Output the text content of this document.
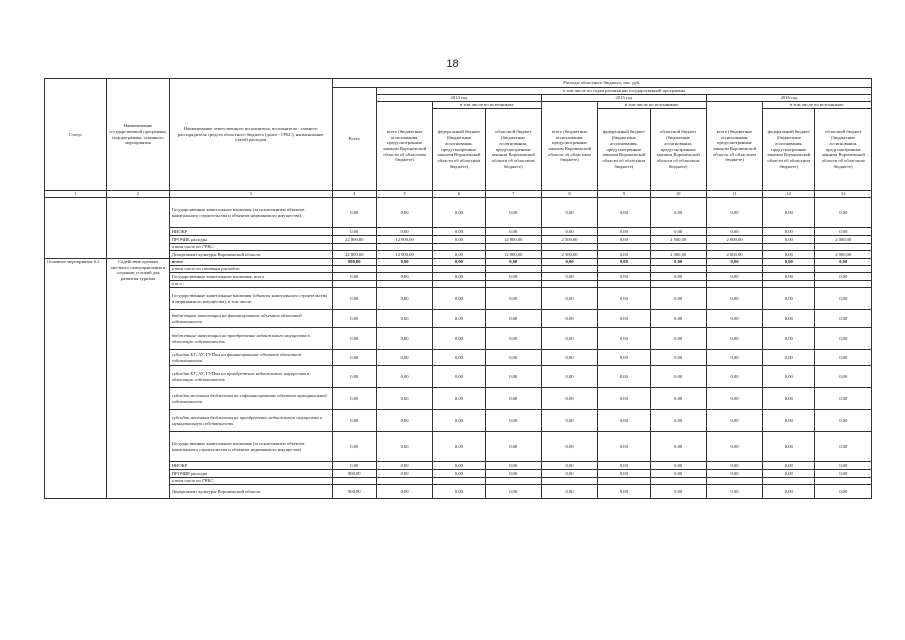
18
Статус	Наименование государственной программы, подпрограммы, основного мероприятия	Наименование ответственного исполнителя, исполнителя - главного распорядителя средств областного бюджета (далее - ГРБС), наименование статей расходов	Расходы областного бюджета, тыс. руб.									
			Всего	в том числе по годам реализации государственной программы								
				2014 год			2015 год			2016 год		
				всего (бюджетные ассигнования, предусмотренные законом Воронежской области об областном бюджете)	в том числе по источникам:		всего (бюджетные ассигнования, предусмотренные законом Воронежской области об областном бюджете)	в том числе по источникам:		всего (бюджетные ассигнования, предусмотренные законом Воронежской области об областном бюджете)	в том числе по источникам:	
					федеральный бюджет (бюджетные ассигнования, предусмотренные законом Воронежской области об областном бюджете)	областной бюджет (бюджетные ассигнования, предусмотренные законом Воронежской области об областном бюджете)		федеральный бюджет (бюджетные ассигнования, предусмотренные законом Воронежской области об областном бюджете)	областной бюджет (бюджетные ассигнования, предусмотренные законом Воронежской области об областном бюджете)		федеральный бюджет (бюджетные ассигнования, предусмотренные законом Воронежской области об областном бюджете)	областной бюджет (бюджетные ассигнования, предусмотренные законом Воронежской области об областном бюджете)
1	2	3	4	5	6	7	8	9	10	11	12	13
		Государственные капитальные вложения (за исключением объектов капитального строительства и объектов недвижимого имущества)	0,00	0,00	0,00	0,00	0,00	0,00	0,00	0,00	0,00	0,00
		НИОКР	0,00	0,00	0,00	0,00	0,00	0,00	0,00	0,00	0,00	0,00
		ПРОЧИЕ расходы	22 800,00	12 900,00	0,00	12 900,00	2 500,00	0,00	2 500,00	2 000,00	0,00	2 000,00
		в том числе по ГРБС:										
		Департамент культуры Воронежской области	22 800,00	12 900,00	0,00	12 900,00	2 500,00	0,00	2 500,00	2 000,00	0,00	2 000,00
Основное мероприятие 6.2	Содействие органам местного самоуправления в создании условий для развития туризма	всего	900,00	0,00	0,00	0,00	0,00	0,00	0,00	0,00	0,00	0,00
		в том числе по статьям расходов:										
		Государственные капитальные вложения, всего	0,00	0,00	0,00	0,00	0,00	0,00	0,00	0,00	0,00	0,00
		в т.ч.:										
		Государственные капитальные вложения (объекты капитального строительства и недвижимого имущества), в том числе:	0,00	0,00	0,00	0,00	0,00	0,00	0,00	0,00	0,00	0,00
		бюджетные инвестиции на финансирование объектов областной собственности	0,00	0,00	0,00	0,00	0,00	0,00	0,00	0,00	0,00	0,00
		бюджетные инвестиции на приобретение недвижимого имущества в областную собственность	0,00	0,00	0,00	0,00	0,00	0,00	0,00	0,00	0,00	0,00
		субсидии БУ, АУ, ГУПам на финансирование объектов областной собственности	0,00	0,00	0,00	0,00	0,00	0,00	0,00	0,00	0,00	0,00
		субсидии БУ, АУ, ГУПам на приобретение недвижимого имущества в областную собственность	0,00	0,00	0,00	0,00	0,00	0,00	0,00	0,00	0,00	0,00
		субсидии местным бюджетам на софинансирование объектов муниципальной собственности	0,00	0,00	0,00	0,00	0,00	0,00	0,00	0,00	0,00	0,00
		субсидии местным бюджетам на приобретение недвижимого имущества в муниципальную собственность	0,00	0,00	0,00	0,00	0,00	0,00	0,00	0,00	0,00	0,00
		Государственные капитальные вложения (за исключением объектов капитального строительства и объектов недвижимого имущества)	0,00	0,00	0,00	0,00	0,00	0,00	0,00	0,00	0,00	0,00
		НИОКР	0,00	0,00	0,00	0,00	0,00	0,00	0,00	0,00	0,00	0,00
		ПРОЧИЕ расходы	900,00	0,00	0,00	0,00	0,00	0,00	0,00	0,00	0,00	0,00
		в том числе по ГРБС:										
		Департамент культуры Воронежской области	900,00	0,00	0,00	0,00	0,00	0,00	0,00	0,00	0,00	0,00
